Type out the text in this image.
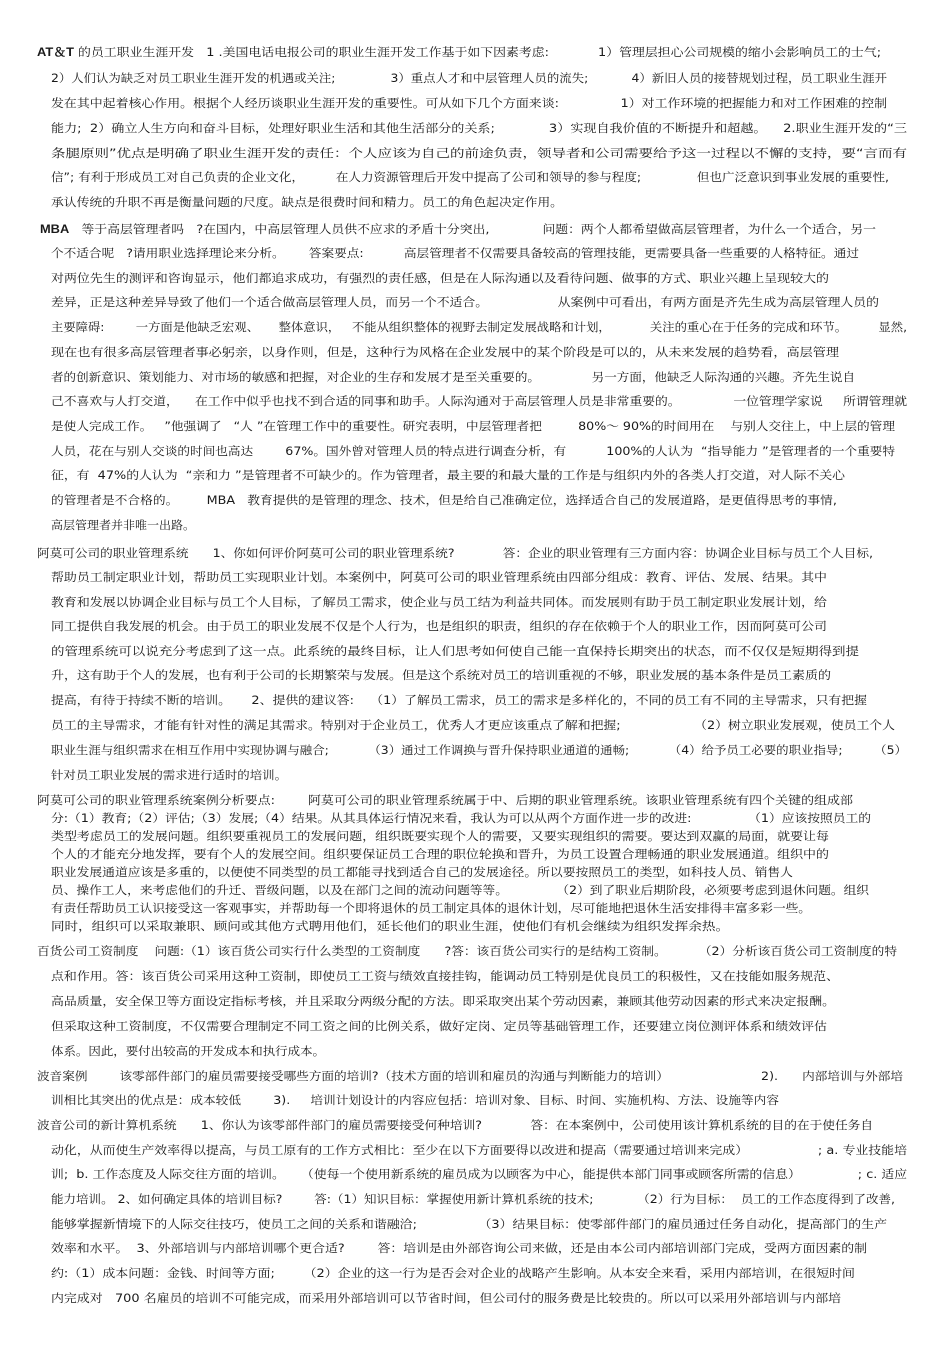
AT＆T 的员工职业生涯开发   1 .美国电话电报公司的职业生涯开发工作基于如下因素考虑:            1）管理层担心公司规模的缩小会影响员工的士气;
2）人们认为缺乏对员工职业生涯开发的机遇或关注;              3）重点人才和中层管理人员的流失;           4）新旧人员的接替规划过程，员工职业生涯开
发在其中起着核心作用。根据个人经历谈职业生涯开发的重要性。可从如下几个方面来谈:               1）对工作环境的把握能力和对工作困难的控制
能力;  2）确立人生方向和奋斗目标，处理好职业生活和其他生活部分的关系;             3）实现自我价值的不断提升和超越。    2.职业生涯开发的“三
条腿原则”优点是明确了职业生涯开发的责任：个人应该为自己的前途负责，领导者和公司需要给予这一过程以不懈的支持，要“言而有
信”; 有利于形成员工对自己负责的企业文化，        在人力资源管理后开发中提高了公司和领导的参与程度;              但也广泛意识到事业发展的重要性,
承认传统的升职不再是衡量问题的尺度。缺点是很费时间和精力。员工的角色起决定作用。
MBA   等于高层管理者吗   ?在国内，中高层管理人员供不应求的矛盾十分突出,             问题：两个人都希望做高层管理者，为什么一个适合，另一
个不适合呢   ?请用职业选择理论来分析。      答案要点:          高层管理者不仅需要具备较高的管理技能，更需要具备一些重要的人格特征。通过
对两位先生的测评和咨询显示，他们都追求成功，有强烈的责任感，但是在人际沟通以及看待问题、做事的方式、职业兴趣上呈现较大的
差异，正是这种差异导致了他们一个适合做高层管理人员，而另一个不适合。                 从案例中可看出，有两方面是齐先生成为高层管理人员的
主要障碍:        一方面是他缺乏宏观、     整体意识，   不能从组织整体的视野去制定发展战略和计划，          关注的重心在于任务的完成和环节。        显然,
现在也有很多高层管理者事必躬亲，以身作则，但是，这种行为风格在企业发展中的某个阶段是可以的，从未来发展的趋势看，高层管理
者的创新意识、策划能力、对市场的敏感和把握，对企业的生存和发展才是至关重要的。             另一方面，他缺乏人际沟通的兴趣。齐先生说自
己不喜欢与人打交道，    在工作中似乎也找不到合适的同事和助手。人际沟通对于高层管理人员是非常重要的。             一位管理学家说     所谓管理就
是使人完成工作。   ”他强调了   “人 ”在管理工作中的重要性。研究表明，中层管理者把         80%～ 90%的时间用在    与别人交往上，中上层的管理
人员，花在与别人交谈的时间也高达        67%。国外曾对管理人员的特点进行调查分析，有          100%的人认为  “指导能力 ”是管理者的一个重要特
征，有  47%的人认为  “亲和力 ”是管理者不可缺少的。作为管理者，最主要的和最大量的工作是与组织内外的各类人打交道，对人际不关心
的管理者是不合格的。       MBA   教育提供的是管理的理念、技术，但是给自己准确定位，选择适合自己的发展道路，是更值得思考的事情,
高层管理者并非唯一出路。
阿莫可公司的职业管理系统      1、你如何评价阿莫可公司的职业管理系统?            答：企业的职业管理有三方面内容：协调企业目标与员工个人目标,
帮助员工制定职业计划，帮助员工实现职业计划。本案例中，阿莫可公司的职业管理系统由四部分组成：教育、评估、发展、结果。其中
教育和发展以协调企业目标与员工个人目标，了解员工需求，使企业与员工结为利益共同体。而发展则有助于员工制定职业发展计划，给
同工提供自我发展的机会。由于员工的职业发展不仅是个人行为，也是组织的职责，组织的存在依赖于个人的职业工作，因而阿莫可公司
的管理系统可以说充分考虑到了这一点。此系统的最终目标，让人们思考如何使自己能一直保持长期突出的状态，而不仅仅是短期得到提
升，这有助于个人的发展，也有利于公司的长期繁荣与发展。但是这个系统对员工的培训重视的不够，职业发展的基本条件是员工素质的
提高，有待于持续不断的培训。     2、提供的建议答:    （1）了解员工需求，员工的需求是多样化的，不同的员工有不同的主导需求，只有把握
员工的主导需求，才能有针对性的满足其需求。特别对于企业员工，优秀人才更应该重点了解和把握;                  （2）树立职业发展观，使员工个人
职业生涯与组织需求在相互作用中实现协调与融合;          （3）通过工作调换与晋升保持职业通道的通畅;          （4）给予员工必要的职业指导;        （5）
针对员工职业发展的需求进行适时的培训。
阿莫可公司的职业管理系统案例分析要点:        阿莫可公司的职业管理系统属于中、后期的职业管理系统。该职业管理系统有四个关键的组成部
分:（1）教育;（2）评估;（3）发展;（4）结果。从其具体运行情况来看，我认为可以从两个方面作进一步的改进:              （1）应该按照员工的
类型考虑员工的发展问题。组织要重视员工的发展问题，组织既要实现个人的需要，又要实现组织的需要。要达到双赢的局面，就要让每
个人的才能充分地发挥，要有个人的发展空间。组织要保证员工合理的职位轮换和晋升，为员工设置合理畅通的职业发展通道。组织中的
职业发展通道应该是多重的，以便使不同类型的员工都能寻找到适合自己的发展途径。所以要按照员工的类型，如科技人员、销售人
员、操作工人，来考虑他们的升迁、晋级问题，以及在部门之间的流动问题等等。            （2）到了职业后期阶段，必须要考虑到退休问题。组织
有责任帮助员工认识接受这一客观事实，并帮助每一个即将退休的员工制定具体的退休计划，尽可能地把退休生活安排得丰富多彩一些。
同时，组织可以采取兼职、顾问或其他方式聘用他们，延长他们的职业生涯，使他们有机会继续为组织发挥余热。
百货公司工资制度    问题:（1）该百货公司实行什么类型的工资制度      ?答：该百货公司实行的是结构工资制。        （2）分析该百货公司工资制度的特
点和作用。答：该百货公司采用这种工资制，即使员工工资与绩效直接挂钩，能调动员工特别是优良员工的积极性，又在技能如服务规范、
高品质量，安全保卫等方面设定指标考核，并且采取分两级分配的方法。即采取突出某个劳动因素，兼顾其他劳动因素的形式来决定报酬。
但采取这种工资制度，不仅需要合理制定不同工资之间的比例关系，做好定岗、定员等基础管理工作，还要建立岗位测评体系和绩效评估
体系。因此，要付出较高的开发成本和执行成本。
波音案例        该零部件部门的雇员需要接受哪些方面的培训?（技术方面的培训和雇员的沟通与判断能力的培训）                       2).      内部培训与外部培
训相比其突出的优点是：成本较低        3).     培训计划设计的内容应包括：培训对象、目标、时间、实施机构、方法、设施等内容
波音公司的新计算机系统      1、你认为该零部件部门的雇员需要接受何种培训?            答：在本案例中，公司使用该计算机系统的目的在于使任务自
动化，从而使生产效率得以提高，与员工原有的工作方式相比：至少在以下方面要得以改进和提高（需要通过培训来完成）                 ; a. 专业技能培
训;  b. 工作态度及人际交往方面的培训。    （使每一个使用新系统的雇员成为以顾客为中心，能提供本部门同事或顾客所需的信息）              ; c. 适应
能力培训。 2、如何确定具体的培训目标?        答:（1）知识目标：掌握使用新计算机系统的技术;           （2）行为目标：  员工的工作态度得到了改善,
能够掌握新情境下的人际交往技巧，使员工之间的关系和谐融洽;               （3）结果目标：使零部件部门的雇员通过任务自动化，提高部门的生产
效率和水平。  3、外部培训与内部培训哪个更合适?        答：培训是由外部咨询公司来做，还是由本公司内部培训部门完成，受两方面因素的制
约:（1）成本问题：金钱、时间等方面;       （2）企业的这一行为是否会对企业的战略产生影响。从本安全来看，采用内部培训，在很短时间
内完成对   700 名雇员的培训不可能完成，而采用外部培训可以节省时间，但公司付的服务费是比较贵的。所以可以采用外部培训与内部培
